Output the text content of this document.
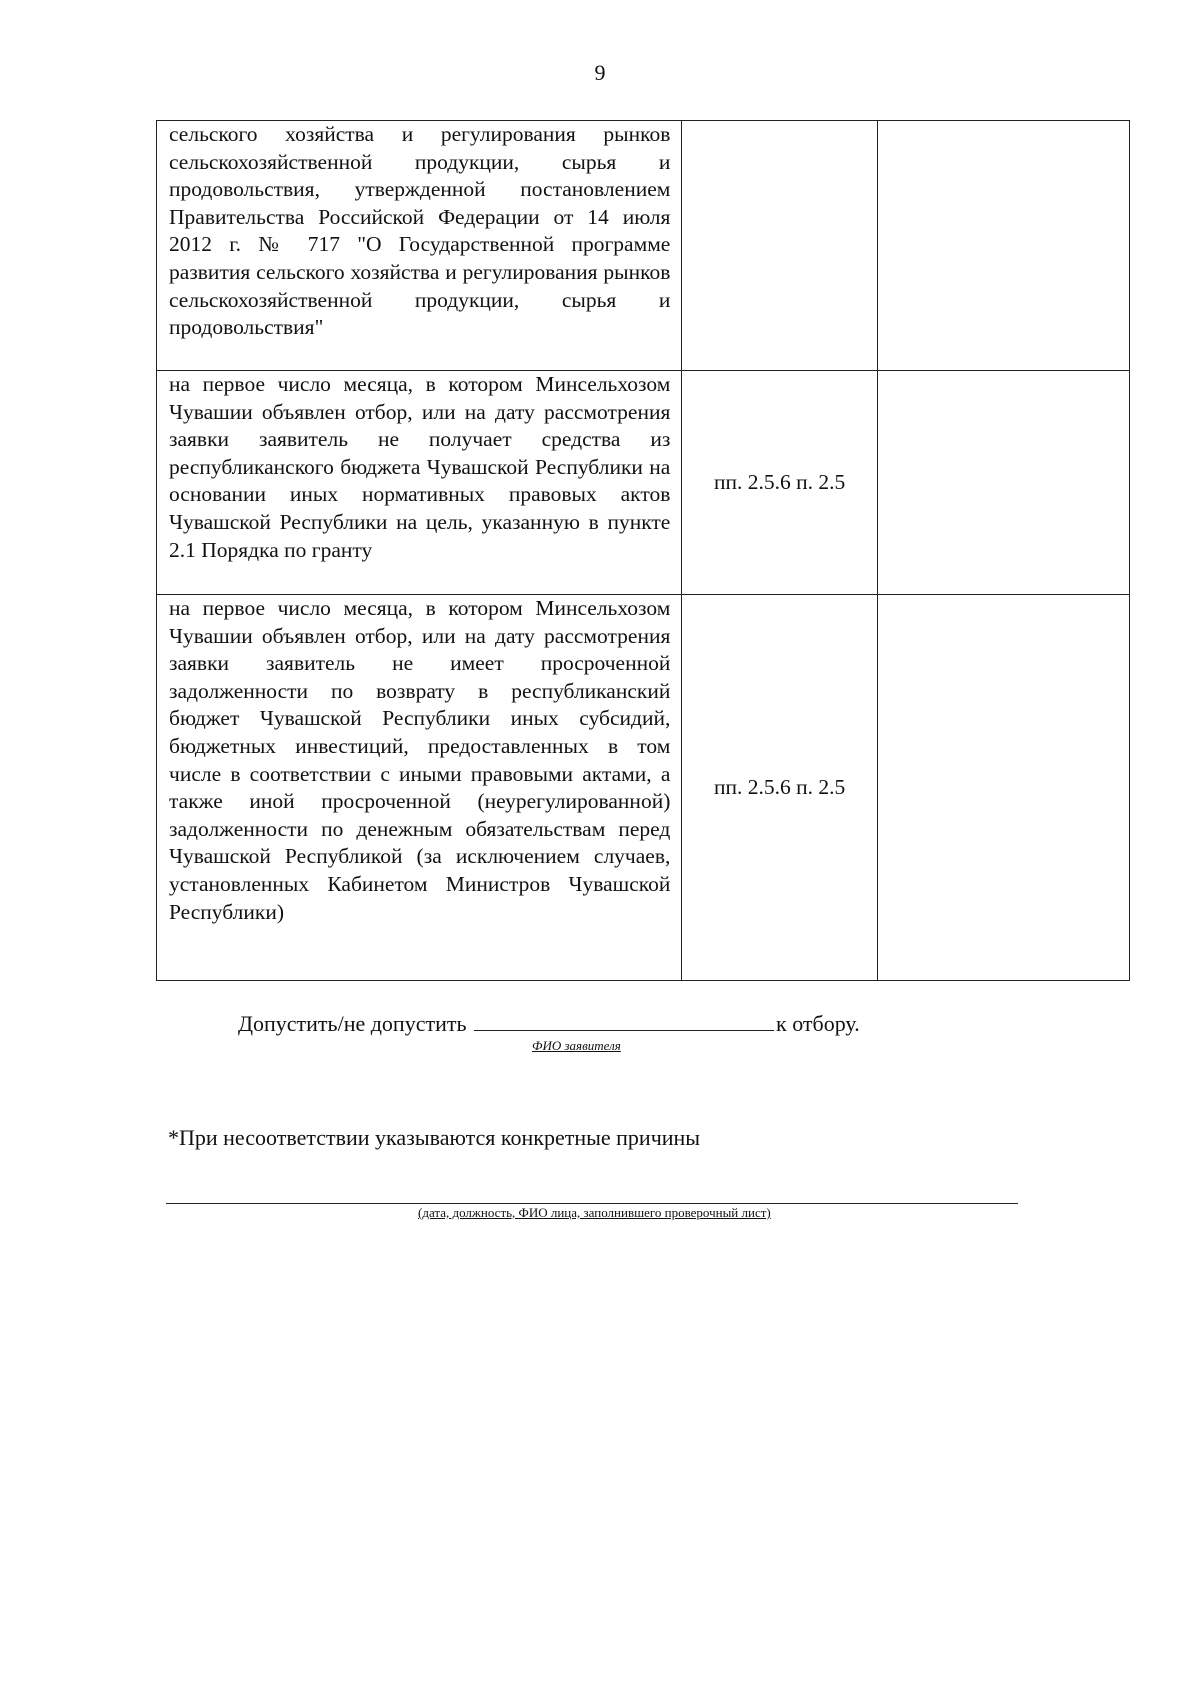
9
сельского хозяйства и регулирования рынков сельскохозяйственной продукции, сырья и продовольствия, утвержденной постановлением Правительства Российской Федерации от 14 июля 2012 г. № 717 "О Государственной программе развития сельского хозяйства и регулирования рынков сельскохозяйственной продукции, сырья и продовольствия"		

на первое число месяца, в котором Минсельхозом Чувашии объявлен отбор, или на дату рассмотрения заявки заявитель не получает средства из республиканского бюджета Чувашской Республики на основании иных нормативных правовых актов Чувашской Республики на цель, указанную в пункте 2.1 Порядка по гранту	пп. 2.5.6 п. 2.5	

на первое число месяца, в котором Минсельхозом Чувашии объявлен отбор, или на дату рассмотрения заявки заявитель не имеет просроченной задолженности по возврату в республиканский бюджет Чувашской Республики иных субсидий, бюджетных инвестиций, предоставленных в том числе в соответствии с иными правовыми актами, а также иной просроченной (неурегулированной) задолженности по денежным обязательствам перед Чувашской Республикой (за исключением случаев, установленных Кабинетом Министров Чувашской Республики)	пп. 2.5.6 п. 2.5	
Допустить/не допустить	к отбору.
ФИО заявителя
*При несоответствии указываются конкретные причины
(дата, должность, ФИО лица, заполнившего проверочный лист)
